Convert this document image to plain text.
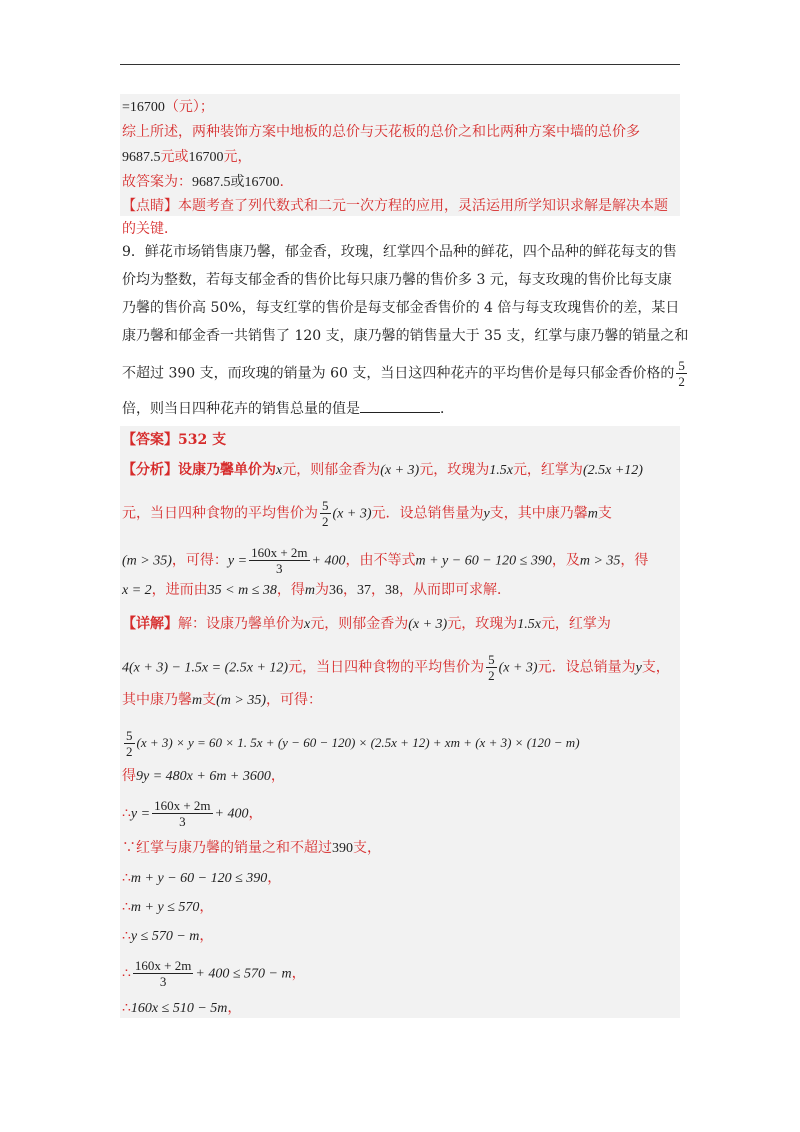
=16700（元）；
综上所述，两种装饰方案中地板的总价与天花板的总价之和比两种方案中墙的总价多
9687.5元或16700元，
故答案为：9687.5或16700.
【点睛】本题考查了列代数式和二元一次方程的应用，灵活运用所学知识求解是解决本题
的关键．
9．鲜花市场销售康乃馨，郁金香，玫瑰，红掌四个品种的鲜花，四个品种的鲜花每支的售
价均为整数，若每支郁金香的售价比每只康乃馨的售价多 3 元，每支玫瑰的售价比每支康
乃馨的售价高 50%，每支红掌的售价是每支郁金香售价的 4 倍与每支玫瑰售价的差，某日
康乃馨和郁金香一共销售了 120 支，康乃馨的销售量大于 35 支，红掌与康乃馨的销量之和
不超过 390 支，而玫瑰的销量为 60 支，当日这四种花卉的平均售价是每只郁金香价格的 $\frac{5}{2}$
倍，则当日四种花卉的销售总量的值是	．
【答案】532 支
【分析】设康乃馨单价为x元，则郁金香为(x + 3)元，玫瑰为1.5x元，红掌为(2.5x +12)
元，当日四种食物的平均售价为 $\frac{5}{2} (x + 3)$元．设总销售量为y支，其中康乃馨m支
(m > 35)，可得：$y = \frac{160x + 2m}{3} + 400$，由不等式m + y − 60 − 120 ≤ 390，及m > 35，得
x = 2，进而由35 < m ≤ 38，得m为36，37，38，从而即可求解．
【详解】解：设康乃馨单价为x元，则郁金香为(x + 3)元，玫瑰为1.5x元，红掌为
4(x + 3) − 1.5x = (2.5x + 12)元，当日四种食物的平均售价为 $\frac{5}{2} (x + 3)$元．设总销量为y支，
其中康乃馨m支(m > 35)，可得：
$\frac{5}{2} (x + 3) \times y = 60 \times 1$. 5x + (y − 60 − 120) × (2.5x + 12) + xm + (x + 3) × (120 − m)
得9y = 480x + 6m + 3600，
∴y = $\frac{160x + 2m}{3} + 400$，
∵红掌与康乃馨的销量之和不超过390支，
∴m + y − 60 − 120 ≤ 390，
∴m + y ≤ 570，
∴y ≤ 570 − m，
∴ $\frac{160x + 2m}{3} + 400 \le 570 - m$，
∴160x ≤ 510 − 5m，
